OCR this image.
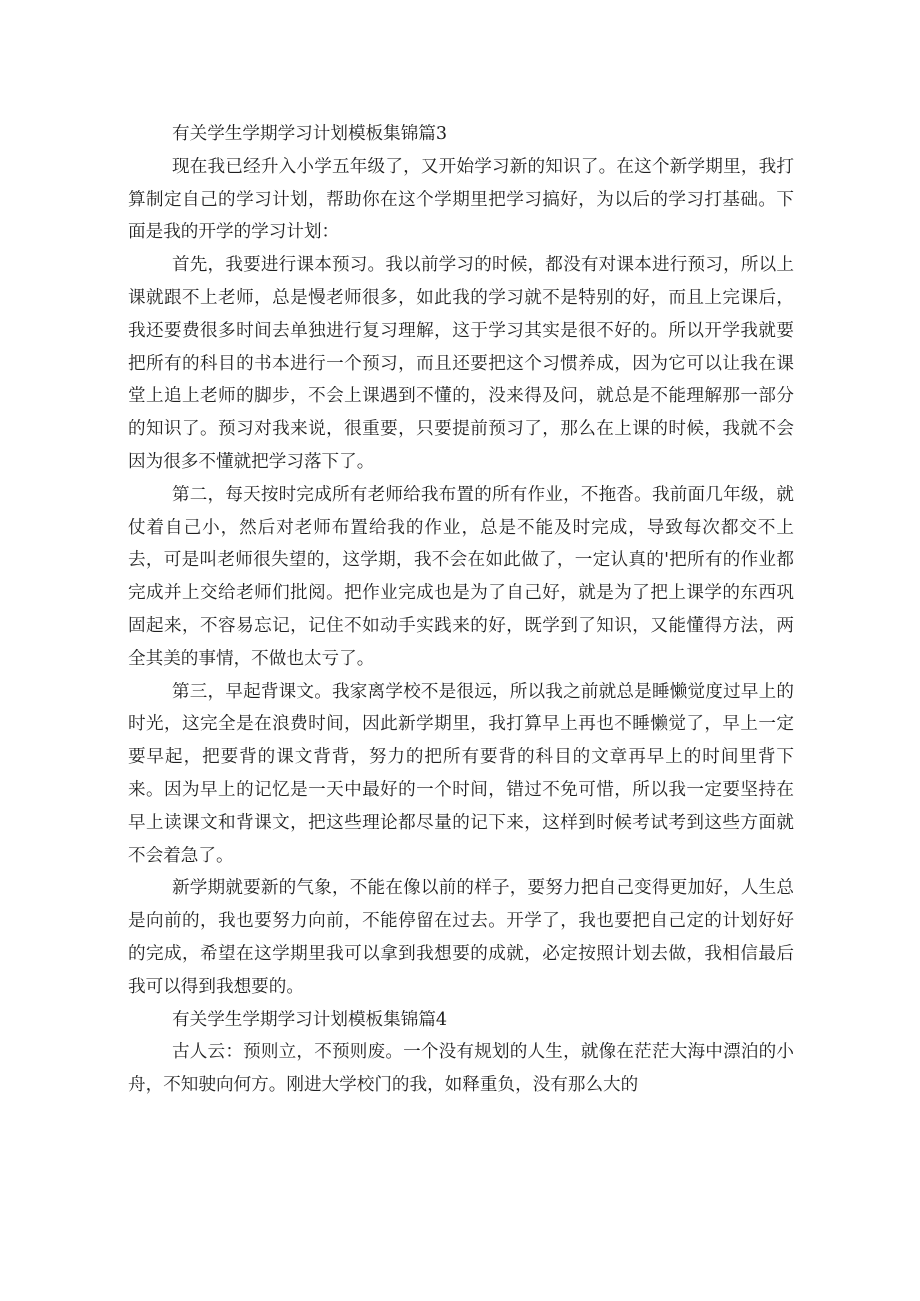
有关学生学期学习计划模板集锦篇3

现在我已经升入小学五年级了，又开始学习新的知识了。在这个新学期里，我打算制定自己的学习计划，帮助你在这个学期里把学习搞好，为以后的学习打基础。下面是我的开学的学习计划：

首先，我要进行课本预习。我以前学习的时候，都没有对课本进行预习，所以上课就跟不上老师，总是慢老师很多，如此我的学习就不是特别的好，而且上完课后，我还要费很多时间去单独进行复习理解，这于学习其实是很不好的。所以开学我就要把所有的科目的书本进行一个预习，而且还要把这个习惯养成，因为它可以让我在课堂上追上老师的脚步，不会上课遇到不懂的，没来得及问，就总是不能理解那一部分的知识了。预习对我来说，很重要，只要提前预习了，那么在上课的时候，我就不会因为很多不懂就把学习落下了。

第二，每天按时完成所有老师给我布置的所有作业，不拖沓。我前面几年级，就仗着自己小，然后对老师布置给我的作业，总是不能及时完成，导致每次都交不上去，可是叫老师很失望的，这学期，我不会在如此做了，一定认真的'把所有的作业都完成并上交给老师们批阅。把作业完成也是为了自己好，就是为了把上课学的东西巩固起来，不容易忘记，记住不如动手实践来的好，既学到了知识，又能懂得方法，两全其美的事情，不做也太亏了。

第三，早起背课文。我家离学校不是很远，所以我之前就总是睡懒觉度过早上的时光，这完全是在浪费时间，因此新学期里，我打算早上再也不睡懒觉了，早上一定要早起，把要背的课文背背，努力的把所有要背的科目的文章再早上的时间里背下来。因为早上的记忆是一天中最好的一个时间，错过不免可惜，所以我一定要坚持在早上读课文和背课文，把这些理论都尽量的记下来，这样到时候考试考到这些方面就不会着急了。

新学期就要新的气象，不能在像以前的样子，要努力把自己变得更加好，人生总是向前的，我也要努力向前，不能停留在过去。开学了，我也要把自己定的计划好好的完成，希望在这学期里我可以拿到我想要的成就，必定按照计划去做，我相信最后我可以得到我想要的。

有关学生学期学习计划模板集锦篇4

古人云：预则立，不预则废。一个没有规划的人生，就像在茫茫大海中漂泊的小舟，不知驶向何方。刚进大学校门的我，如释重负，没有那么大的
